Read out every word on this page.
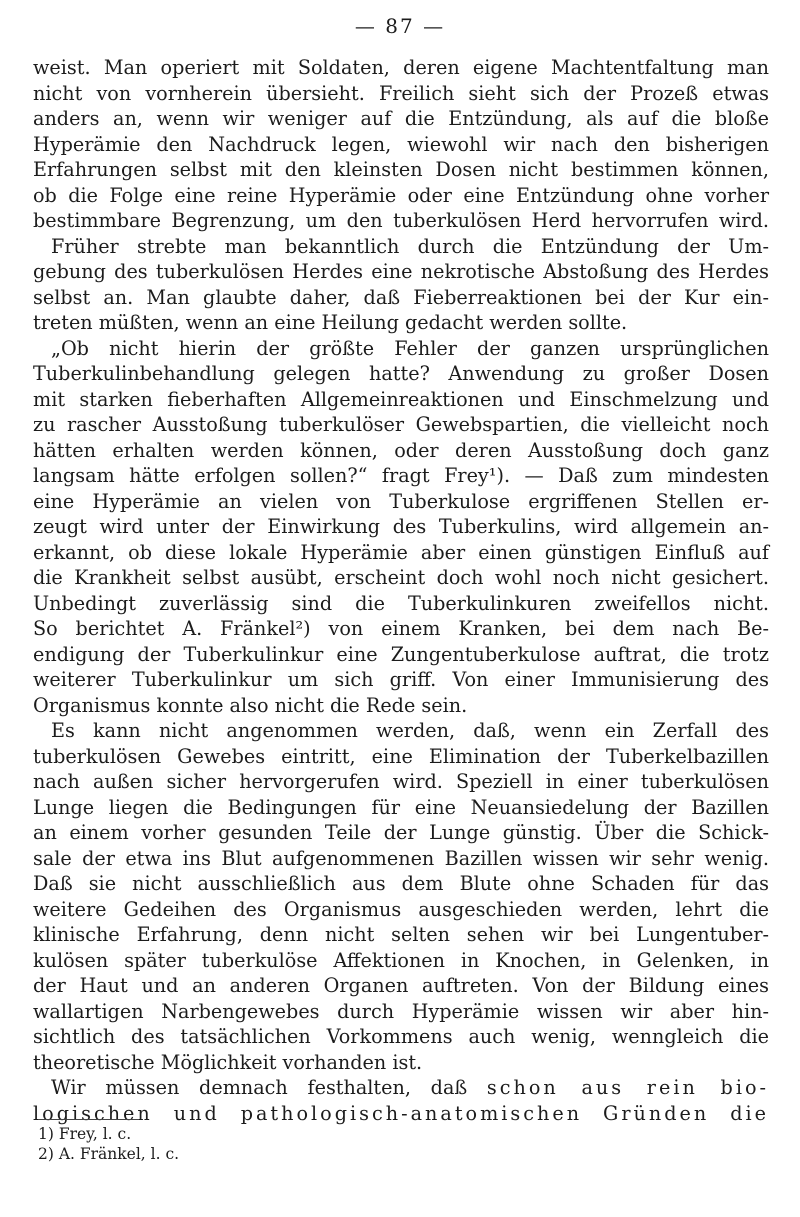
— 87 —
weist. Man operiert mit Soldaten, deren eigene Machtentfaltung man
nicht von vornherein übersieht. Freilich sieht sich der Prozeß etwas
anders an, wenn wir weniger auf die Entzündung, als auf die bloße
Hyperämie den Nachdruck legen, wiewohl wir nach den bisherigen
Erfahrungen selbst mit den kleinsten Dosen nicht bestimmen können,
ob die Folge eine reine Hyperämie oder eine Entzündung ohne vorher
bestimmbare Begrenzung, um den tuberkulösen Herd hervorrufen wird.
Früher strebte man bekanntlich durch die Entzündung der Um-
gebung des tuberkulösen Herdes eine nekrotische Abstoßung des Herdes
selbst an. Man glaubte daher, daß Fieberreaktionen bei der Kur ein-
treten müßten, wenn an eine Heilung gedacht werden sollte.
„Ob nicht hierin der größte Fehler der ganzen ursprünglichen
Tuberkulinbehandlung gelegen hatte? Anwendung zu großer Dosen
mit starken fieberhaften Allgemeinreaktionen und Einschmelzung und
zu rascher Ausstoßung tuberkulöser Gewebspartien, die vielleicht noch
hätten erhalten werden können, oder deren Ausstoßung doch ganz
langsam hätte erfolgen sollen?“ fragt Frey¹). — Daß zum mindesten
eine Hyperämie an vielen von Tuberkulose ergriffenen Stellen er-
zeugt wird unter der Einwirkung des Tuberkulins, wird allgemein an-
erkannt, ob diese lokale Hyperämie aber einen günstigen Einfluß auf
die Krankheit selbst ausübt, erscheint doch wohl noch nicht gesichert.
Unbedingt zuverlässig sind die Tuberkulinkuren zweifellos nicht.
So berichtet A. Fränkel²) von einem Kranken, bei dem nach Be-
endigung der Tuberkulinkur eine Zungentuberkulose auftrat, die trotz
weiterer Tuberkulinkur um sich griff. Von einer Immunisierung des
Organismus konnte also nicht die Rede sein.
Es kann nicht angenommen werden, daß, wenn ein Zerfall des
tuberkulösen Gewebes eintritt, eine Elimination der Tuberkelbazillen
nach außen sicher hervorgerufen wird. Speziell in einer tuberkulösen
Lunge liegen die Bedingungen für eine Neuansiedelung der Bazillen
an einem vorher gesunden Teile der Lunge günstig. Über die Schick-
sale der etwa ins Blut aufgenommenen Bazillen wissen wir sehr wenig.
Daß sie nicht ausschließlich aus dem Blute ohne Schaden für das
weitere Gedeihen des Organismus ausgeschieden werden, lehrt die
klinische Erfahrung, denn nicht selten sehen wir bei Lungentuber-
kulösen später tuberkulöse Affektionen in Knochen, in Gelenken, in
der Haut und an anderen Organen auftreten. Von der Bildung eines
wallartigen Narbengewebes durch Hyperämie wissen wir aber hin-
sichtlich des tatsächlichen Vorkommens auch wenig, wenngleich die
theoretische Möglichkeit vorhanden ist.
Wir müssen demnach festhalten, daß schon aus rein bio-
logischen und pathologisch-anatomischen Gründen die
1) Frey, l. c.
2) A. Fränkel, l. c.
